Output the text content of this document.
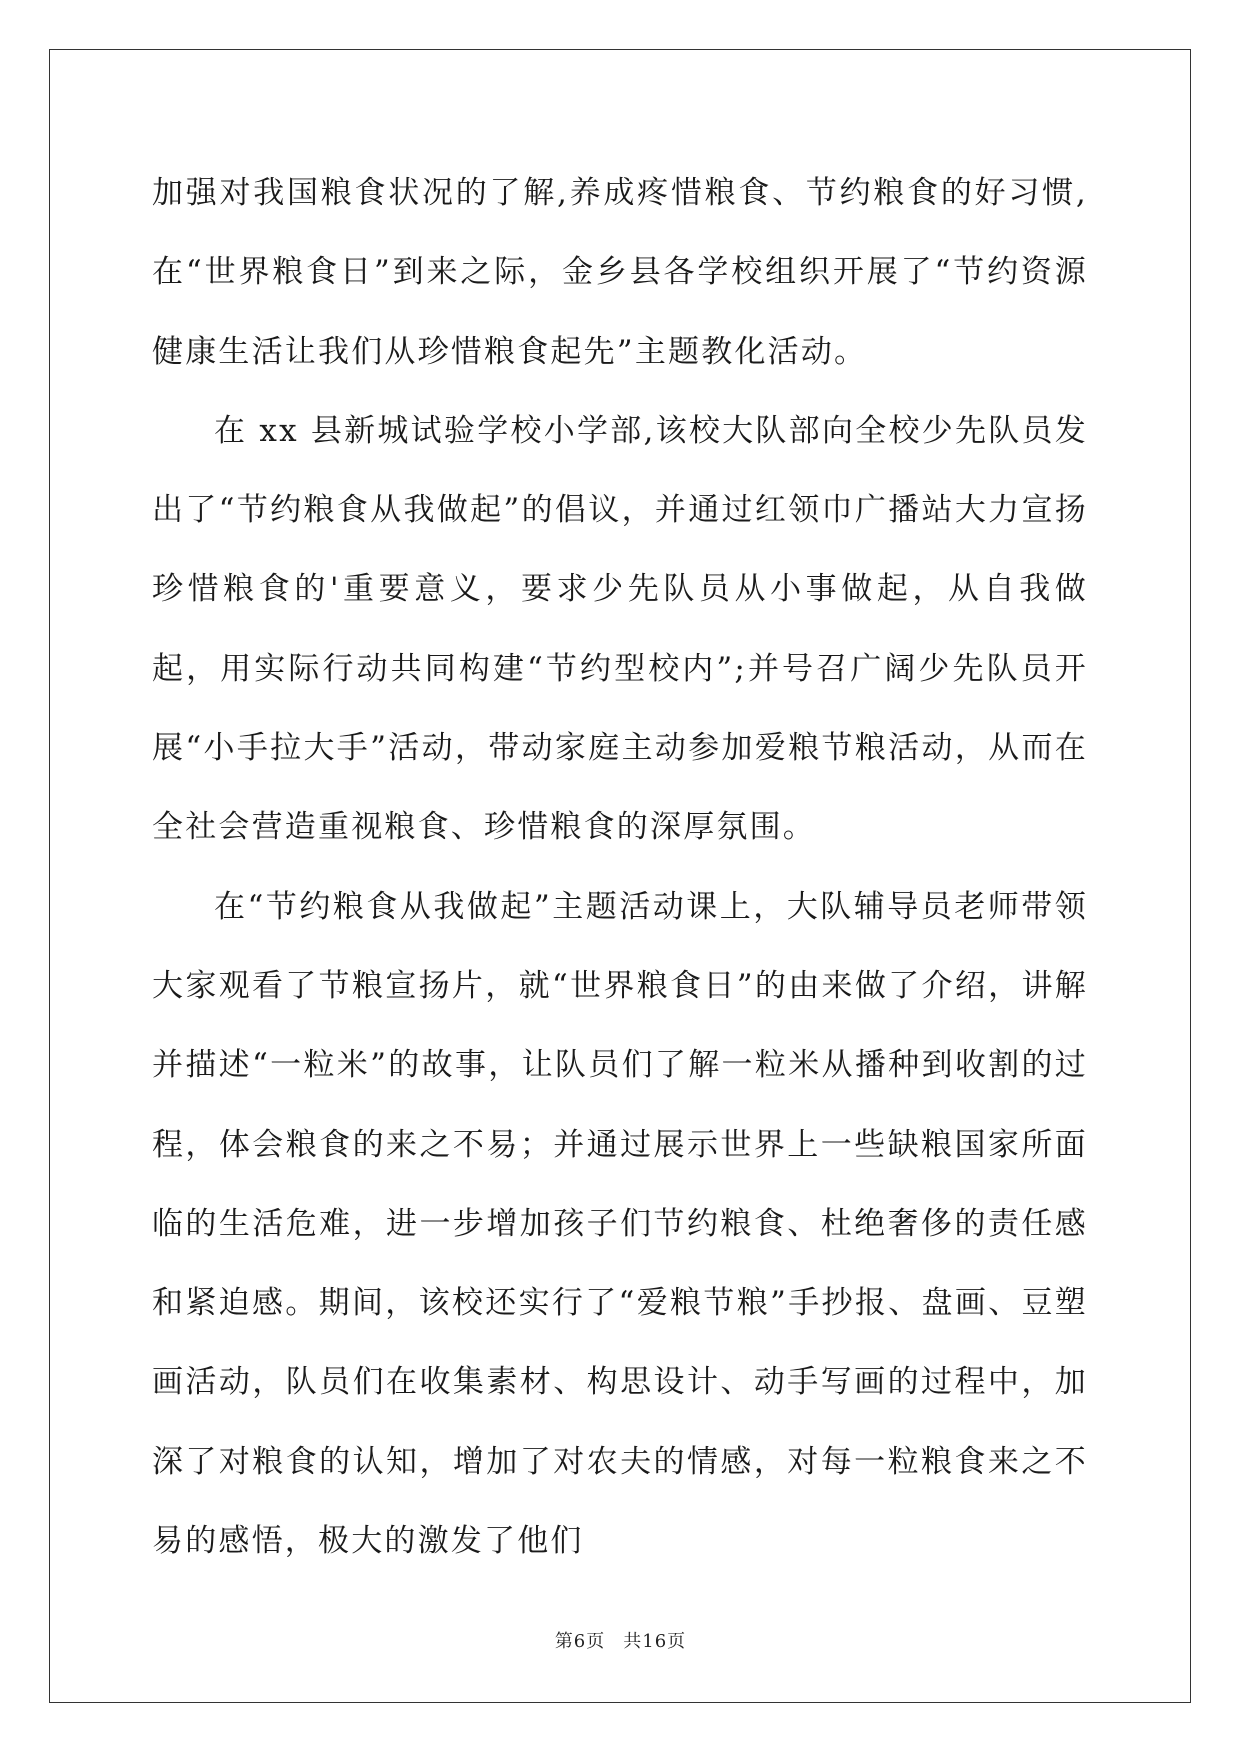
加强对我国粮食状况的了解,养成疼惜粮食、节约粮食的好习惯,在“世界粮食日”到来之际，金乡县各学校组织开展了“节约资源健康生活让我们从珍惜粮食起先”主题教化活动。

在 xx 县新城试验学校小学部,该校大队部向全校少先队员发出了“节约粮食从我做起”的倡议，并通过红领巾广播站大力宣扬珍惜粮食的'重要意义，要求少先队员从小事做起，从自我做起，用实际行动共同构建“节约型校内”;并号召广阔少先队员开展“小手拉大手”活动，带动家庭主动参加爱粮节粮活动，从而在全社会营造重视粮食、珍惜粮食的深厚氛围。

在“节约粮食从我做起”主题活动课上，大队辅导员老师带领大家观看了节粮宣扬片，就“世界粮食日”的由来做了介绍，讲解并描述“一粒米”的故事，让队员们了解一粒米从播种到收割的过程，体会粮食的来之不易；并通过展示世界上一些缺粮国家所面临的生活危难，进一步增加孩子们节约粮食、杜绝奢侈的责任感和紧迫感。期间，该校还实行了“爱粮节粮”手抄报、盘画、豆塑画活动，队员们在收集素材、构思设计、动手写画的过程中，加深了对粮食的认知，增加了对农夫的情感，对每一粒粮食来之不易的感悟，极大的激发了他们

第6页 共16页
